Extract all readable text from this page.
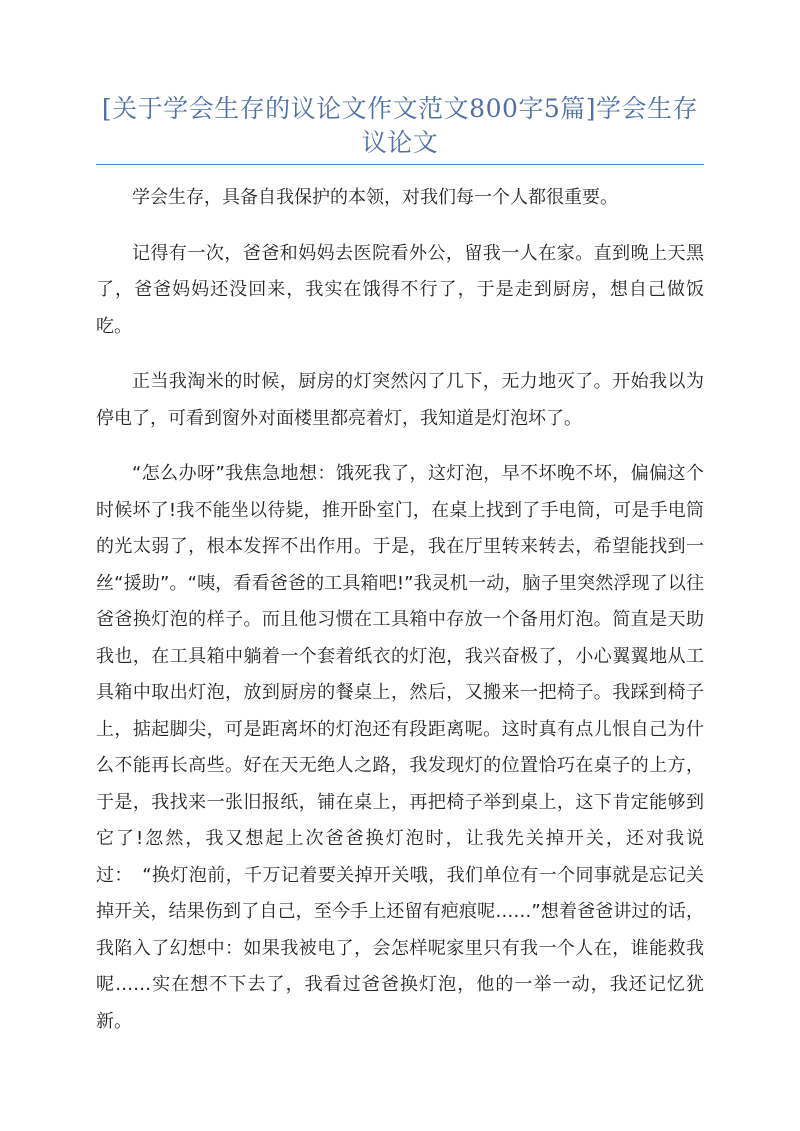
[关于学会生存的议论文作文范文800字5篇]学会生存议论文

学会生存，具备自我保护的本领，对我们每一个人都很重要。

记得有一次，爸爸和妈妈去医院看外公，留我一人在家。直到晚上天黑了，爸爸妈妈还没回来，我实在饿得不行了，于是走到厨房，想自己做饭吃。

正当我淘米的时候，厨房的灯突然闪了几下，无力地灭了。开始我以为停电了，可看到窗外对面楼里都亮着灯，我知道是灯泡坏了。

“怎么办呀”我焦急地想：饿死我了，这灯泡，早不坏晚不坏，偏偏这个时候坏了!我不能坐以待毙，推开卧室门，在桌上找到了手电筒，可是手电筒的光太弱了，根本发挥不出作用。于是，我在厅里转来转去，希望能找到一丝“援助”。“咦，看看爸爸的工具箱吧!”我灵机一动，脑子里突然浮现了以往爸爸换灯泡的样子。而且他习惯在工具箱中存放一个备用灯泡。简直是天助我也，在工具箱中躺着一个套着纸衣的灯泡，我兴奋极了，小心翼翼地从工具箱中取出灯泡，放到厨房的餐桌上，然后，又搬来一把椅子。我踩到椅子上，掂起脚尖，可是距离坏的灯泡还有段距离呢。这时真有点儿恨自己为什么不能再长高些。好在天无绝人之路，我发现灯的位置恰巧在桌子的上方，于是，我找来一张旧报纸，铺在桌上，再把椅子举到桌上，这下肯定能够到它了!忽然，我又想起上次爸爸换灯泡时，让我先关掉开关，还对我说过：　“换灯泡前，千万记着要关掉开关哦，我们单位有一个同事就是忘记关掉开关，结果伤到了自己，至今手上还留有疤痕呢……”想着爸爸讲过的话，我陷入了幻想中：如果我被电了，会怎样呢家里只有我一个人在，谁能救我呢……实在想不下去了，我看过爸爸换灯泡，他的一举一动，我还记忆犹新。
